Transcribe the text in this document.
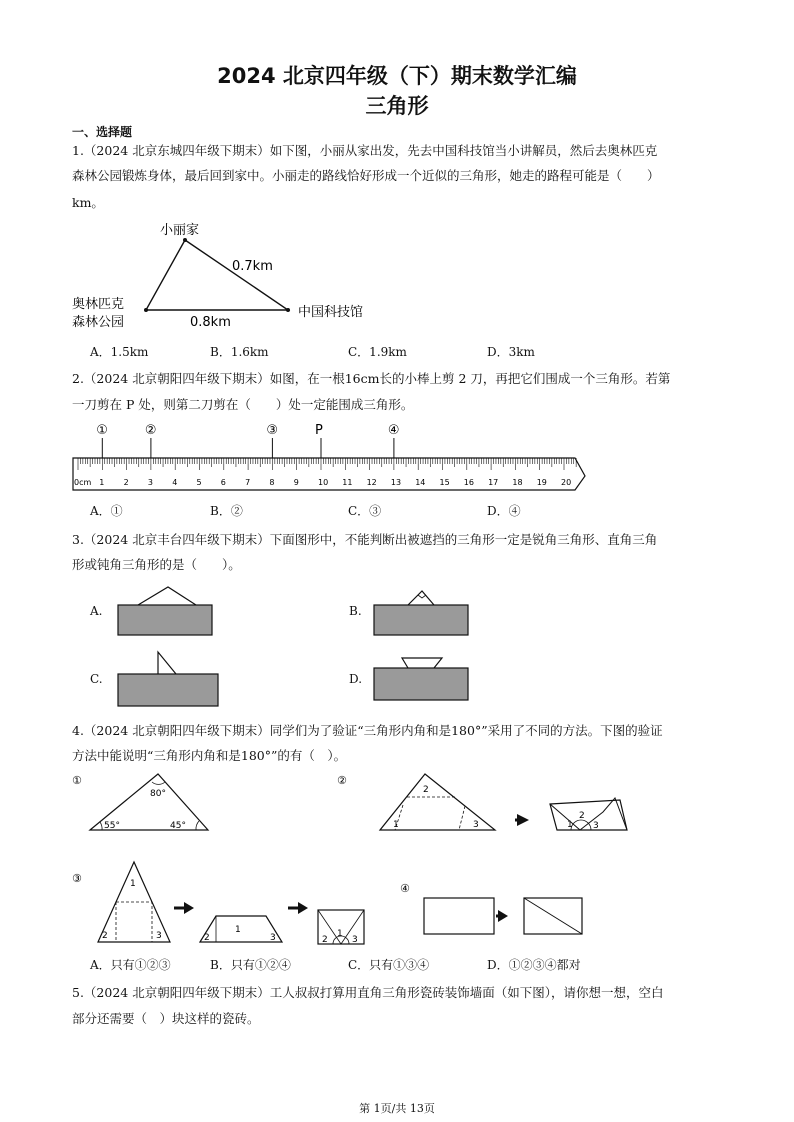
2024 北京四年级（下）期末数学汇编
三角形
一、选择题
1.（2024 北京东城四年级下期末）如下图，小丽从家出发，先去中国科技馆当小讲解员，然后去奥林匹克
森林公园锻炼身体，最后回到家中。小丽走的路线恰好形成一个近似的三角形，她走的路程可能是（　　）
km。
小丽家
0.7km
中国科技馆
奥林匹克
森林公园	0.8km
A．1.5km	B．1.6km	C．1.9km	D．3km
2.（2024 北京朝阳四年级下期末）如图，在一根16cm长的小棒上剪 2 刀，再把它们围成一个三角形。若第
一刀剪在 P 处，则第二刀剪在（　　）处一定能围成三角形。
①	②	③	P	④
1 2 3 4 5 6 7 8 9 10 11 12 13 14 15 16 17 18 19 20
0cm
A．①	B．②	C．③	D．④
3.（2024 北京丰台四年级下期末）下面图形中，不能判断出被遮挡的三角形一定是锐角三角形、直角三角
形或钝角三角形的是（　　）。
A.	B.
C.	D.
4.（2024 北京朝阳四年级下期末）同学们为了验证“三角形内角和是180°”采用了不同的方法。下图的验证
方法中能说明“三角形内角和是180°”的有（　）。
①
80°
55°	45°
②
2
1	3	1
2
3
③	1
2	3
1
2	3	1
2	3
④
A．只有①②③	B．只有①②④	C．只有①③④	D．①②③④都对
5.（2024 北京朝阳四年级下期末）工人叔叔打算用直角三角形瓷砖装饰墙面（如下图），请你想一想，空白
部分还需要（　）块这样的瓷砖。
第 1页/共 13页
